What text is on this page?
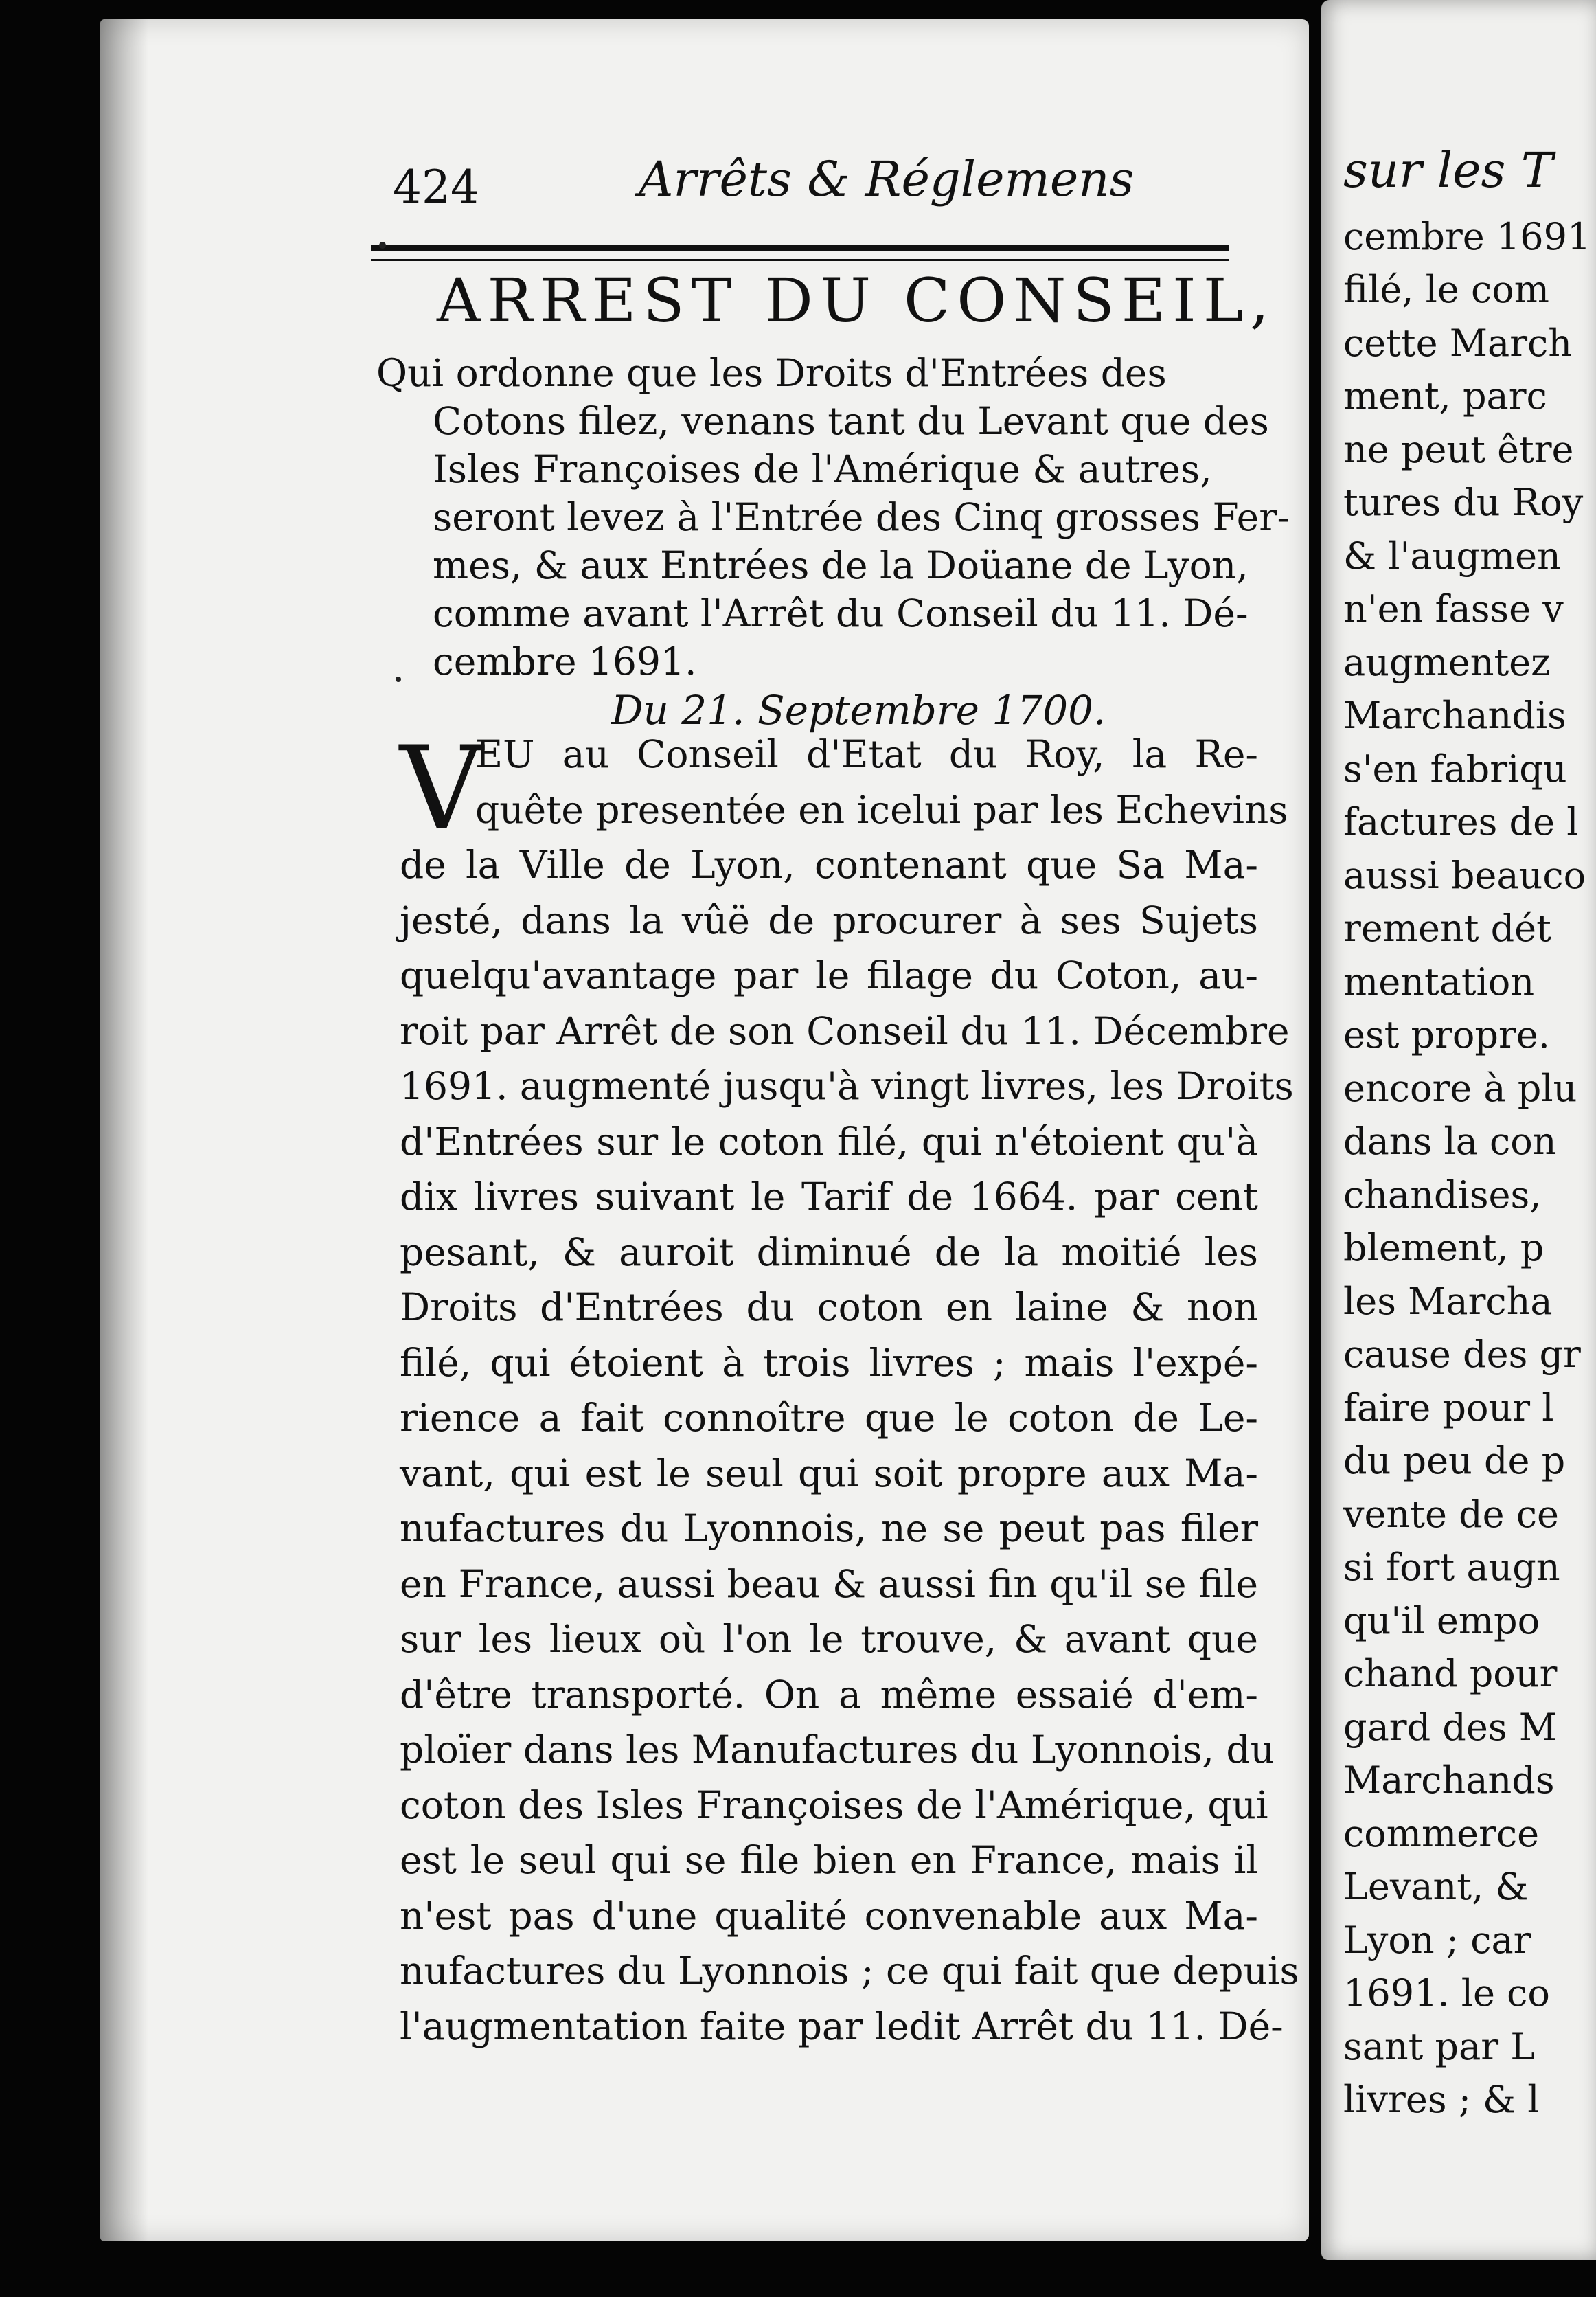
424	Arrêts & Réglemens
ARREST DU CONSEIL,
Qui ordonne que les Droits d'Entrées des
Cotons filez, venans tant du Levant que des
Isles Françoises de l'Amérique & autres,
seront levez à l'Entrée des Cinq grosses Fer-
mes, & aux Entrées de la Doüane de Lyon,
comme avant l'Arrêt du Conseil du 11. Dé-
cembre 1691.
Du 21. Septembre 1700.
V
EU au Conseil d'Etat du Roy, la Re-
quête presentée en icelui par les Echevins
de la Ville de Lyon, contenant que Sa Ma-
jesté, dans la vûë de procurer à ses Sujets
quelqu'avantage par le filage du Coton, au-
roit par Arrêt de son Conseil du 11. Décembre
1691. augmenté jusqu'à vingt livres, les Droits
d'Entrées sur le coton filé, qui n'étoient qu'à
dix livres suivant le Tarif de 1664. par cent
pesant, & auroit diminué de la moitié les
Droits d'Entrées du coton en laine & non
filé, qui étoient à trois livres ; mais l'expé-
rience a fait connoître que le coton de Le-
vant, qui est le seul qui soit propre aux Ma-
nufactures du Lyonnois, ne se peut pas filer
en France, aussi beau & aussi fin qu'il se file
sur les lieux où l'on le trouve, & avant que
d'être transporté. On a même essaié d'em-
ploïer dans les Manufactures du Lyonnois, du
coton des Isles Françoises de l'Amérique, qui
est le seul qui se file bien en France, mais il
n'est pas d'une qualité convenable aux Ma-
nufactures du Lyonnois ; ce qui fait que depuis
l'augmentation faite par ledit Arrêt du 11. Dé-
sur les T
cembre 1691
filé, le com
cette March
ment, parc
ne peut être
tures du Roy
& l'augmen
n'en fasse v
augmentez
Marchandis
s'en fabriqu
factures de l
aussi beauco
rement dét
mentation
est propre.
encore à plu
dans la con
chandises,
blement, p
les Marcha
cause des gr
faire pour l
du peu de p
vente de ce
si fort augn
qu'il empo
chand pour
gard des M
Marchands
commerce
Levant, &
Lyon ; car
1691. le co
sant par L
livres ; & l
